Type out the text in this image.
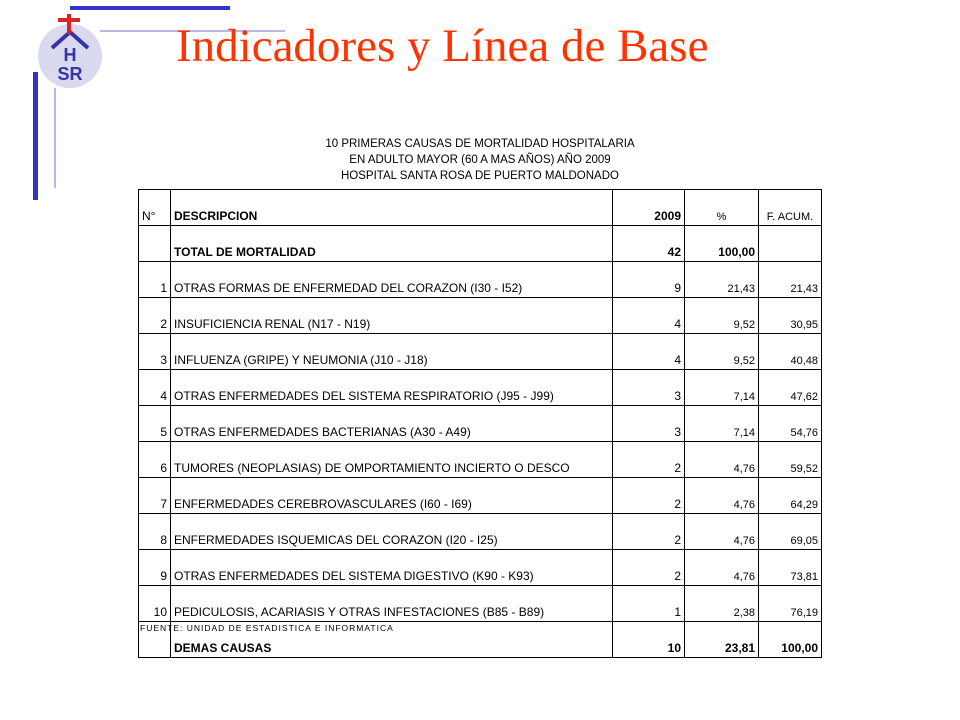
H
SR
Indicadores y Línea de Base
10 PRIMERAS CAUSAS DE MORTALIDAD HOSPITALARIA
EN ADULTO MAYOR (60 A MAS AÑOS) AÑO 2009
HOSPITAL SANTA ROSA DE PUERTO MALDONADO
N°	DESCRIPCION	2009	%	F. ACUM.
	TOTAL DE MORTALIDAD	42	100,00	
1	OTRAS FORMAS DE ENFERMEDAD DEL CORAZON (I30 - I52)	9	21,43	21,43
2	INSUFICIENCIA RENAL (N17 - N19)	4	9,52	30,95
3	INFLUENZA (GRIPE) Y NEUMONIA (J10 - J18)	4	9,52	40,48
4	OTRAS ENFERMEDADES DEL SISTEMA RESPIRATORIO (J95 - J99)	3	7,14	47,62
5	OTRAS ENFERMEDADES BACTERIANAS (A30 - A49)	3	7,14	54,76
6	TUMORES (NEOPLASIAS) DE OMPORTAMIENTO INCIERTO O DESCO	2	4,76	59,52
7	ENFERMEDADES CEREBROVASCULARES (I60 - I69)	2	4,76	64,29
8	ENFERMEDADES ISQUEMICAS DEL CORAZON (I20 - I25)	2	4,76	69,05
9	OTRAS ENFERMEDADES DEL SISTEMA DIGESTIVO (K90 - K93)	2	4,76	73,81
10	PEDICULOSIS, ACARIASIS Y OTRAS INFESTACIONES (B85 - B89)	1	2,38	76,19
	DEMAS CAUSAS	10	23,81	100,00
FUENTE: UNIDAD DE ESTADISTICA E INFORMATICA
